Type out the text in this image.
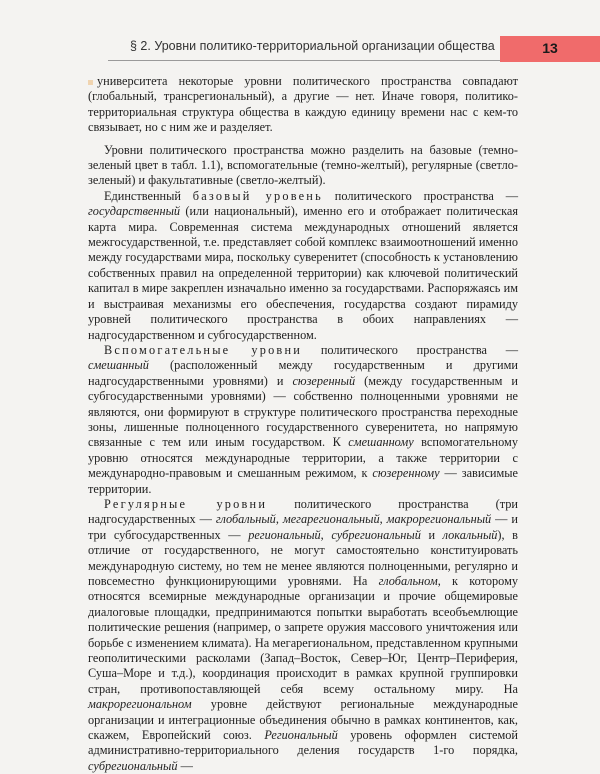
§ 2. Уровни политико-территориальной организации общества	13

университета некоторые уровни политического пространства совпадают (глобальный, трансрегиональный), а другие — нет. Иначе говоря, политико-территориальная структура общества в каждую единицу времени нас с кем-то связывает, но с ним же и разделяет.

Уровни политического пространства можно разделить на базовые (темно-зеленый цвет в табл. 1.1), вспомогательные (темно-желтый), регулярные (светло-зеленый) и факультативные (светло-желтый).

Единственный базовый уровень политического пространства — государственный (или национальный), именно его и отображает политическая карта мира. Современная система международных отношений является межгосударственной, т.е. представляет собой комплекс взаимоотношений именно между государствами мира, поскольку суверенитет (способность к установлению собственных правил на определенной территории) как ключевой политический капитал в мире закреплен изначально именно за государствами. Распоряжаясь им и выстраивая механизмы его обеспечения, государства создают пирамиду уровней политического пространства в обоих направлениях — надгосударственном и субгосударственном.

Вспомогательные уровни политического пространства — смешанный (расположенный между государственным и другими надгосударственными уровнями) и сюзеренный (между государственным и субгосударственными уровнями) — собственно полноценными уровнями не являются, они формируют в структуре политического пространства переходные зоны, лишенные полноценного государственного суверенитета, но напрямую связанные с тем или иным государством. К смешанному вспомогательному уровню относятся международные территории, а также территории с международно-правовым и смешанным режимом, к сюзеренному — зависимые территории.

Регулярные уровни политического пространства (три надгосударственных — глобальный, мегарегиональный, макрорегиональный — и три субгосударственных — региональный, субрегиональный и локальный), в отличие от государственного, не могут самостоятельно конституировать международную систему, но тем не менее являются полноценными, регулярно и повсеместно функционирующими уровнями. На глобальном, к которому относятся всемирные международные организации и прочие общемировые диалоговые площадки, предпринимаются попытки выработать всеобъемлющие политические решения (например, о запрете оружия массового уничтожения или борьбе с изменением климата). На мегарегиональном, представленном крупными геополитическими расколами (Запад–Восток, Север–Юг, Центр–Периферия, Суша–Море и т.д.), координация происходит в рамках крупной группировки стран, противопоставляющей себя всему остальному миру. На макрорегиональном уровне действуют региональные международные организации и интеграционные объединения обычно в рамках континентов, как, скажем, Европейский союз. Региональный уровень оформлен системой административно-территориального деления государств 1-го порядка, субрегиональный —
